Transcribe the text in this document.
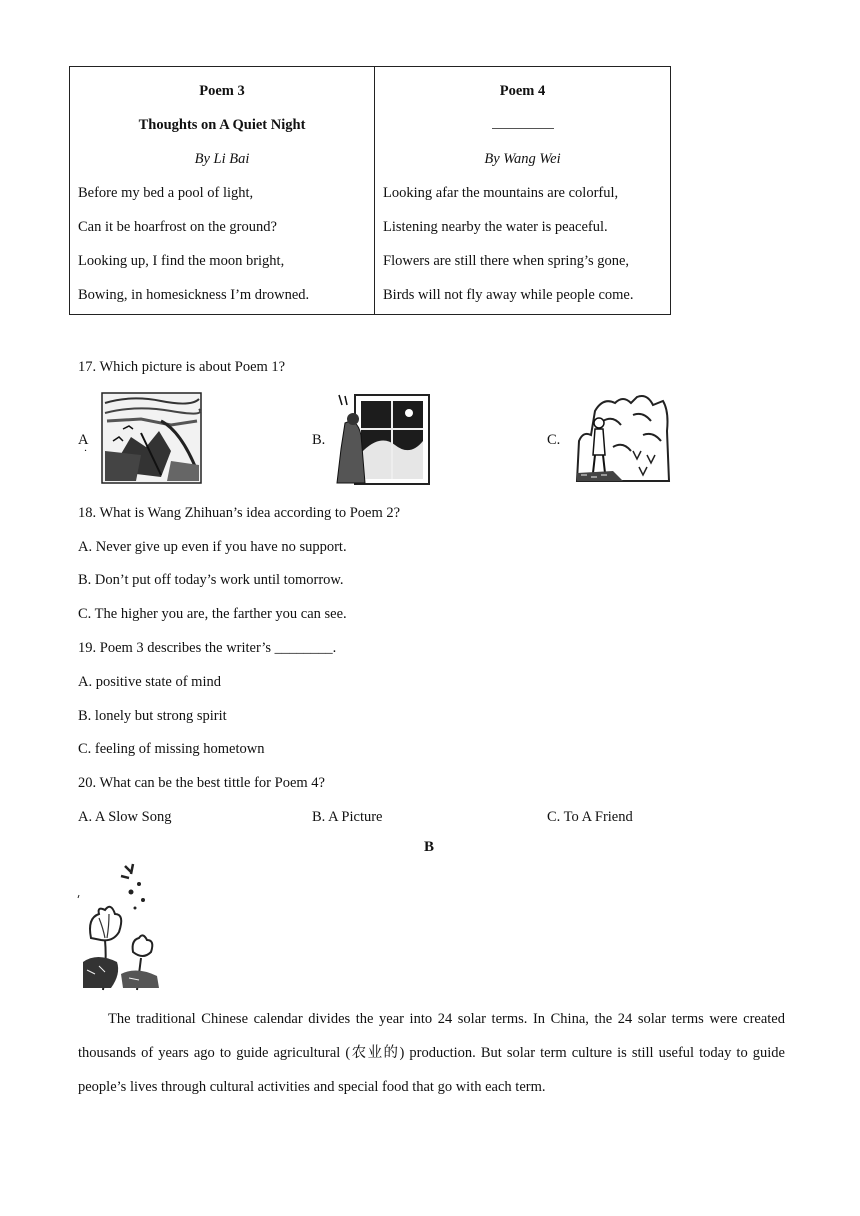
Poem 3
Thoughts on A Quiet Night
By Li Bai
Before my bed a pool of light,
Can it be hoarfrost on the ground?
Looking up, I find the moon bright,
Bowing, in homesickness I’m drowned.
Poem 4
By Wang Wei
Looking afar the mountains are colorful,
Listening nearby the water is peaceful.
Flowers are still there when spring’s gone,
Birds will not fly away while people come.
17. Which picture is about Poem 1?
A
．
B.	C.
18. What is Wang Zhihuan’s idea according to Poem 2?
A. Never give up even if you have no support.
B. Don’t put off today’s work until tomorrow.
C. The higher you are, the farther you can see.
19. Poem 3 describes the writer’s ________.
A. positive state of mind
B. lonely but strong spirit
C. feeling of missing hometown
20. What can be the best tittle for Poem 4?
A. A Slow Song	B. A Picture	C. To A Friend
B
The traditional Chinese calendar divides the year into 24 solar terms. In China, the 24 solar terms were created thousands of years ago to guide agricultural (农业的) production. But solar term culture is still useful today to guide people’s lives through cultural activities and special food that go with each term.
